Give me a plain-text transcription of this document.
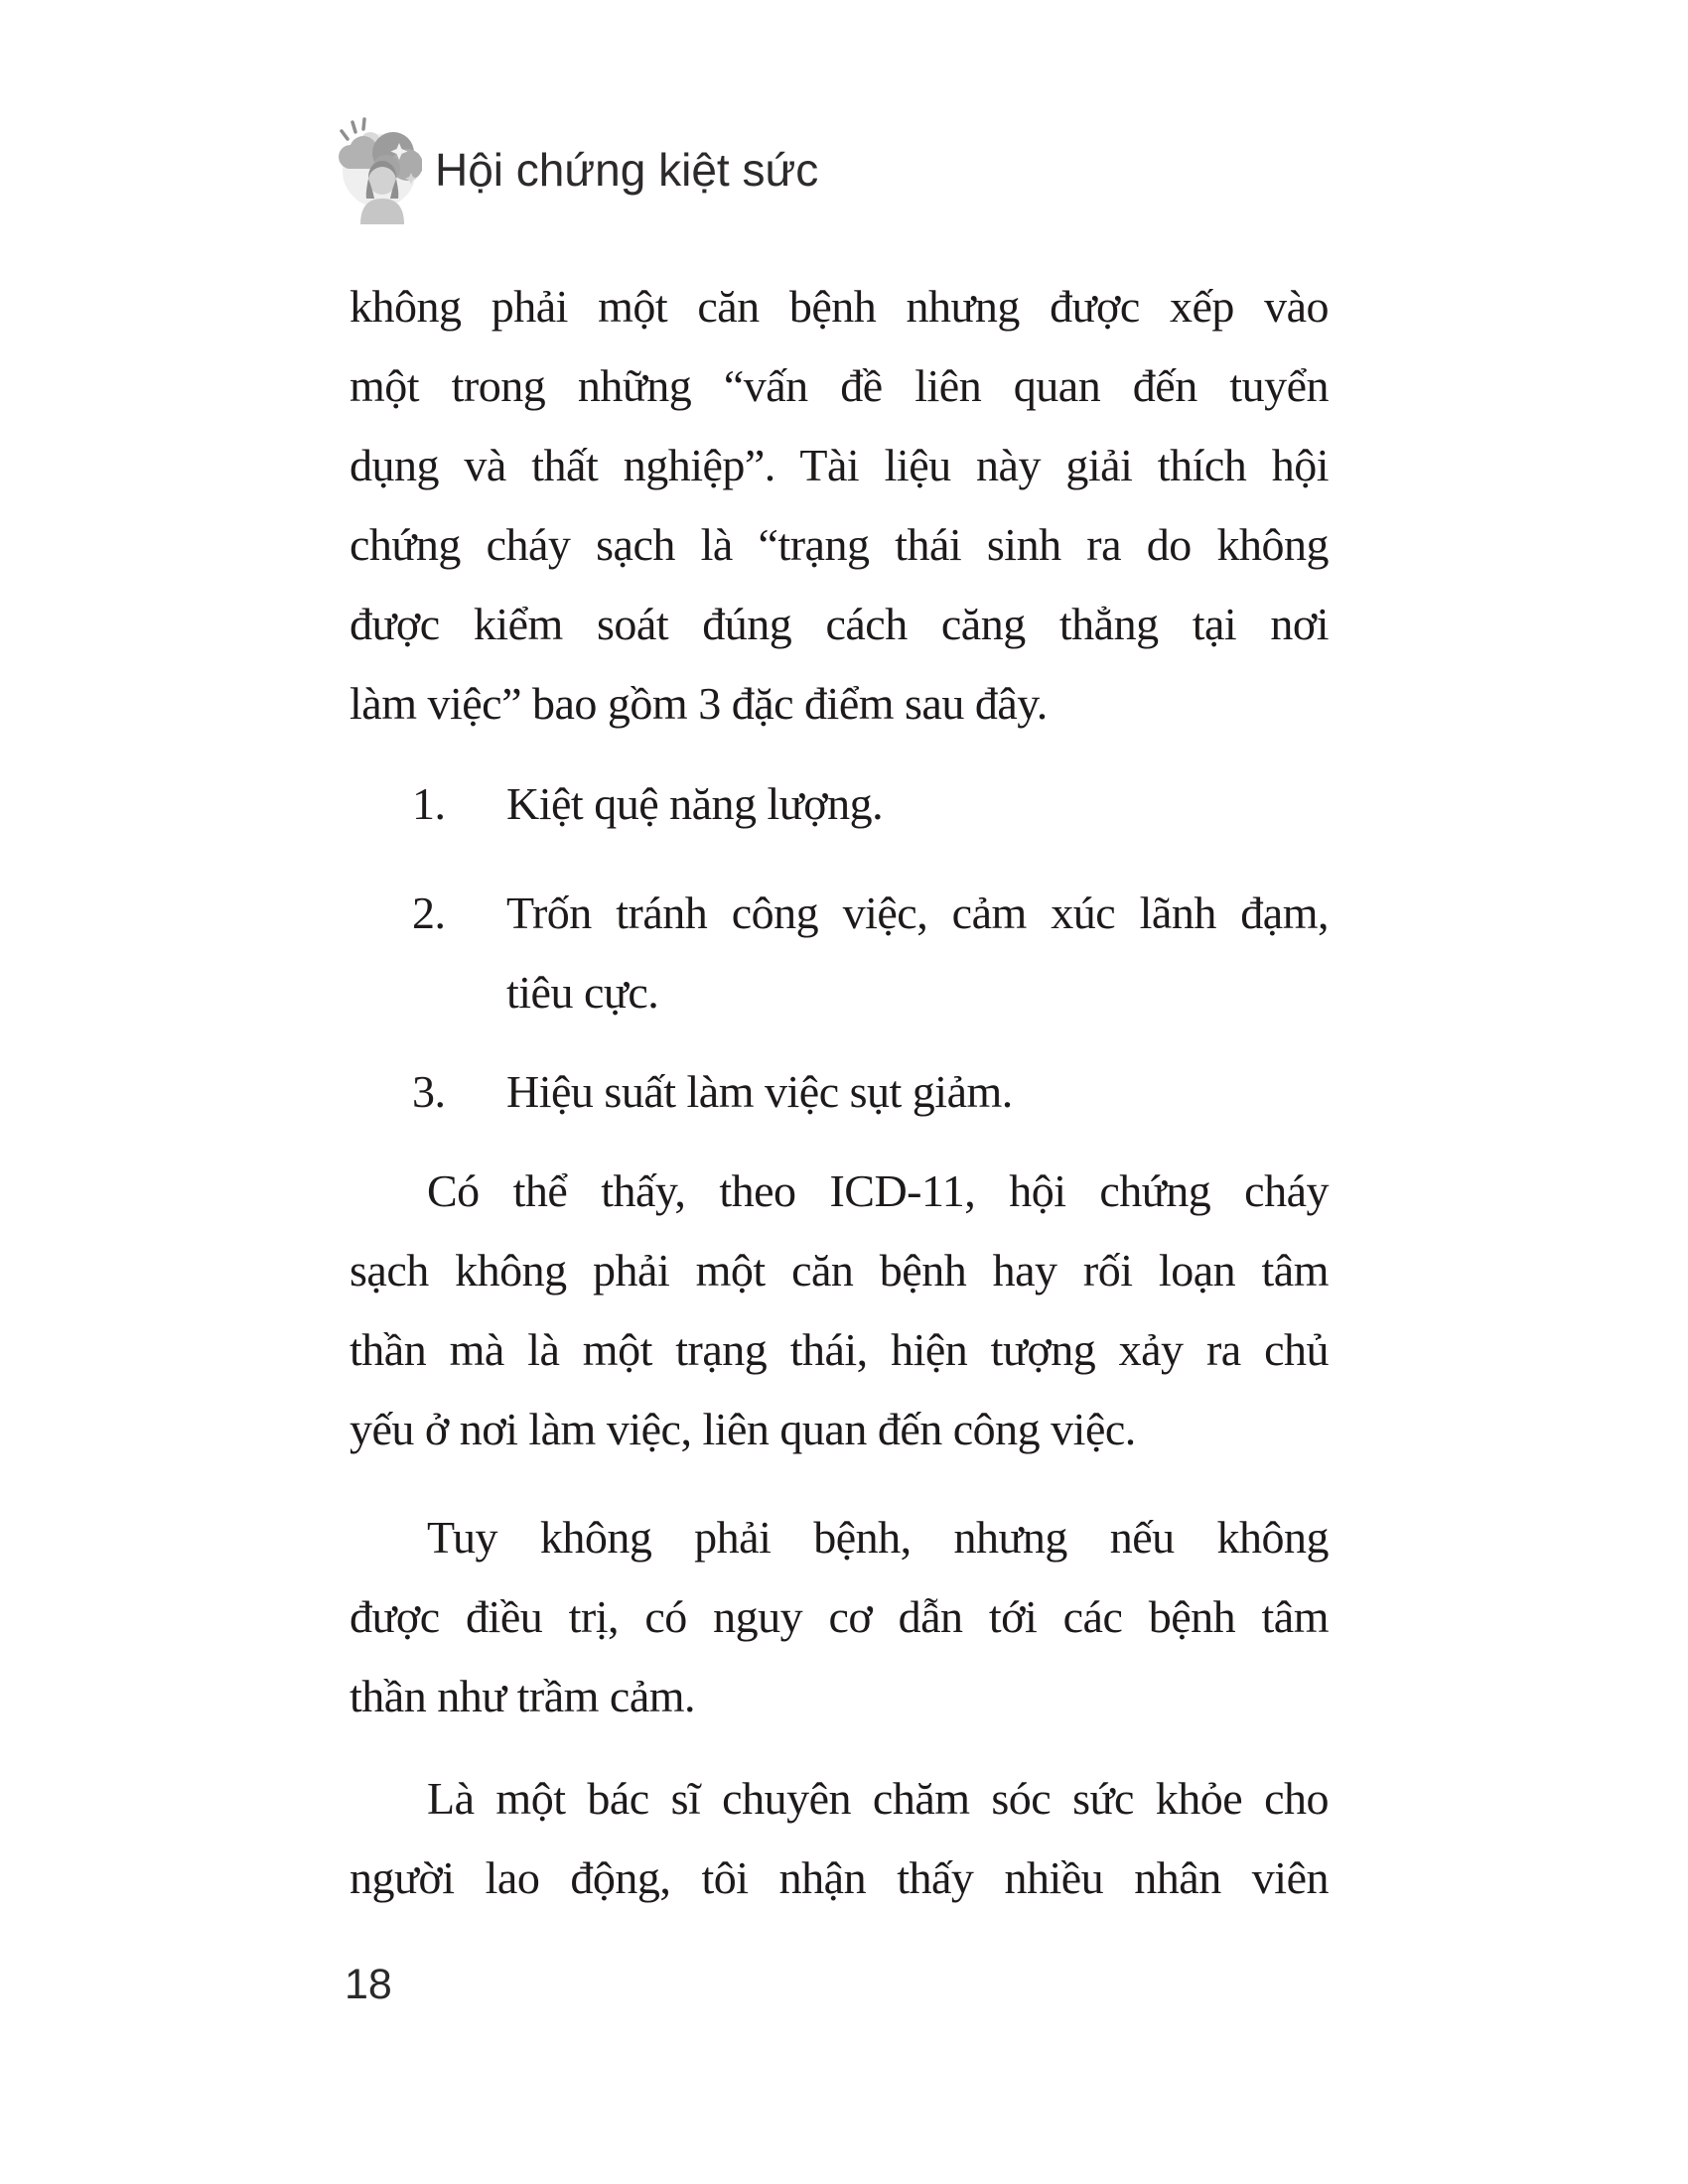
Hội chứng kiệt sức
không phải một căn bệnh nhưng được xếp vào
một trong những “vấn đề liên quan đến tuyển
dụng và thất nghiệp”. Tài liệu này giải thích hội
chứng cháy sạch là “trạng thái sinh ra do không
được kiểm soát đúng cách căng thẳng tại nơi
làm việc” bao gồm 3 đặc điểm sau đây.
1. Kiệt quệ năng lượng.
2. Trốn tránh công việc, cảm xúc lãnh đạm,
tiêu cực.
3. Hiệu suất làm việc sụt giảm.
Có thể thấy, theo ICD-11, hội chứng cháy
sạch không phải một căn bệnh hay rối loạn tâm
thần mà là một trạng thái, hiện tượng xảy ra chủ
yếu ở nơi làm việc, liên quan đến công việc.
Tuy không phải bệnh, nhưng nếu không
được điều trị, có nguy cơ dẫn tới các bệnh tâm
thần như trầm cảm.
Là một bác sĩ chuyên chăm sóc sức khỏe cho
người lao động, tôi nhận thấy nhiều nhân viên
18
